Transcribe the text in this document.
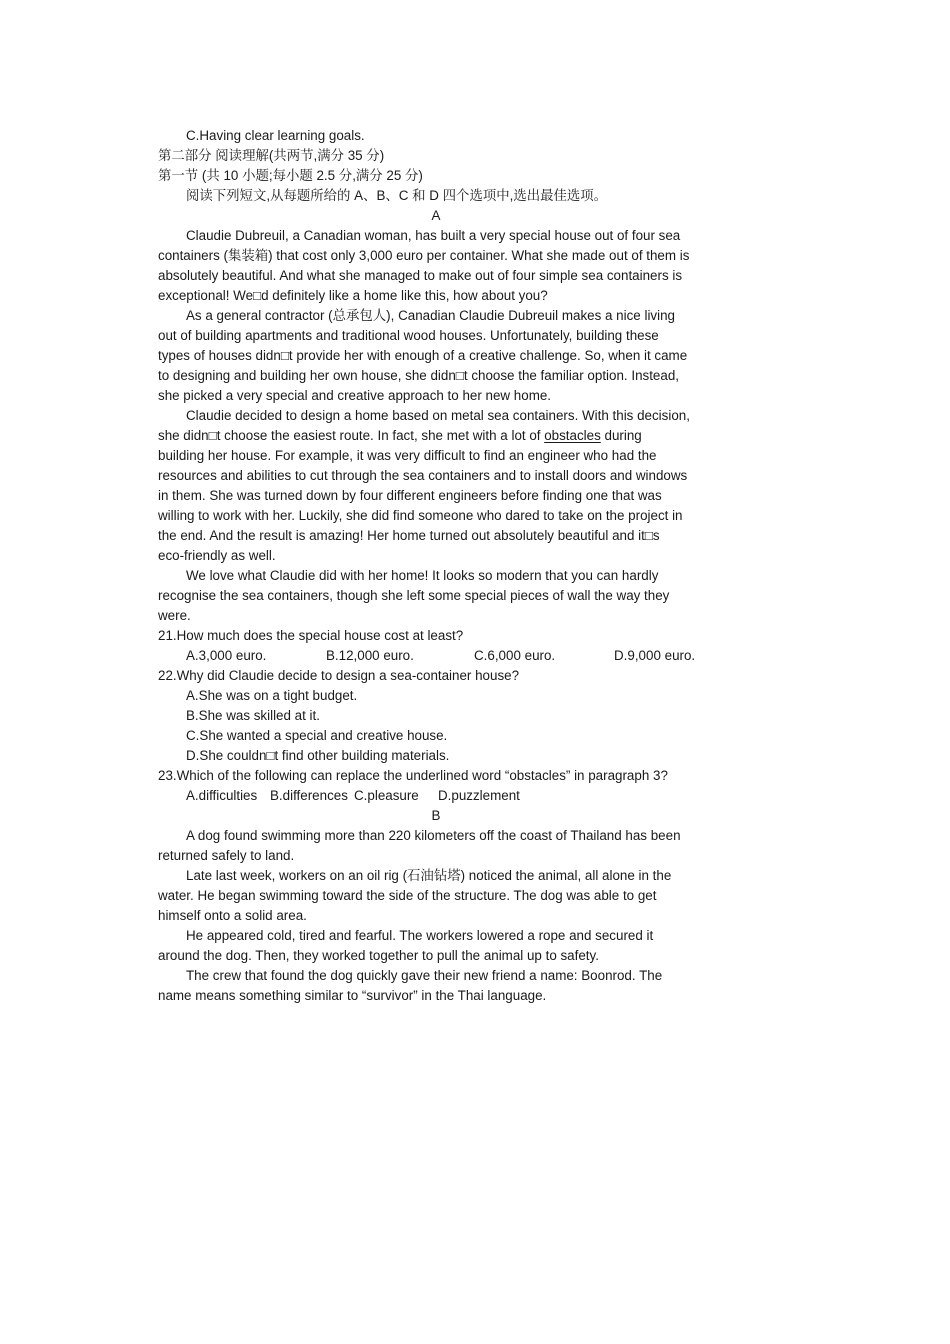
C.Having clear learning goals.
第二部分 阅读理解(共两节,满分 35 分)
第一节 (共 10 小题;每小题 2.5 分,满分 25 分)
阅读下列短文,从每题所给的 A、B、C 和 D 四个选项中,选出最佳选项。
A
Claudie Dubreuil, a Canadian woman, has built a very special house out of four sea
containers (集装箱) that cost only 3,000 euro per container. What she made out of them is
absolutely beautiful. And what she managed to make out of four simple sea containers is
exceptional! We□d definitely like a home like this, how about you?
As a general contractor (总承包人), Canadian Claudie Dubreuil makes a nice living
out of building apartments and traditional wood houses. Unfortunately, building these
types of houses didn□t provide her with enough of a creative challenge. So, when it came
to designing and building her own house, she didn□t choose the familiar option. Instead,
she picked a very special and creative approach to her new home.
Claudie decided to design a home based on metal sea containers. With this decision,
she didn□t choose the easiest route. In fact, she met with a lot of obstacles during
building her house. For example, it was very difficult to find an engineer who had the
resources and abilities to cut through the sea containers and to install doors and windows
in them. She was turned down by four different engineers before finding one that was
willing to work with her. Luckily, she did find someone who dared to take on the project in
the end. And the result is amazing! Her home turned out absolutely beautiful and it□s
eco-friendly as well.
We love what Claudie did with her home! It looks so modern that you can hardly
recognise the sea containers, though she left some special pieces of wall the way they
were.
21.How much does the special house cost at least?
A.3,000 euro.	B.12,000 euro.	C.6,000 euro.	D.9,000 euro.
22.Why did Claudie decide to design a sea-container house?
A.She was on a tight budget.
B.She was skilled at it.
C.She wanted a special and creative house.
D.She couldn□t find other building materials.
23.Which of the following can replace the underlined word “obstacles” in paragraph 3?
A.difficulties B.differences C.pleasure	D.puzzlement
B
A dog found swimming more than 220 kilometers off the coast of Thailand has been
returned safely to land.
Late last week, workers on an oil rig (石油钻塔) noticed the animal, all alone in the
water. He began swimming toward the side of the structure. The dog was able to get
himself onto a solid area.
He appeared cold, tired and fearful. The workers lowered a rope and secured it
around the dog. Then, they worked together to pull the animal up to safety.
The crew that found the dog quickly gave their new friend a name: Boonrod. The
name means something similar to “survivor” in the Thai language.
